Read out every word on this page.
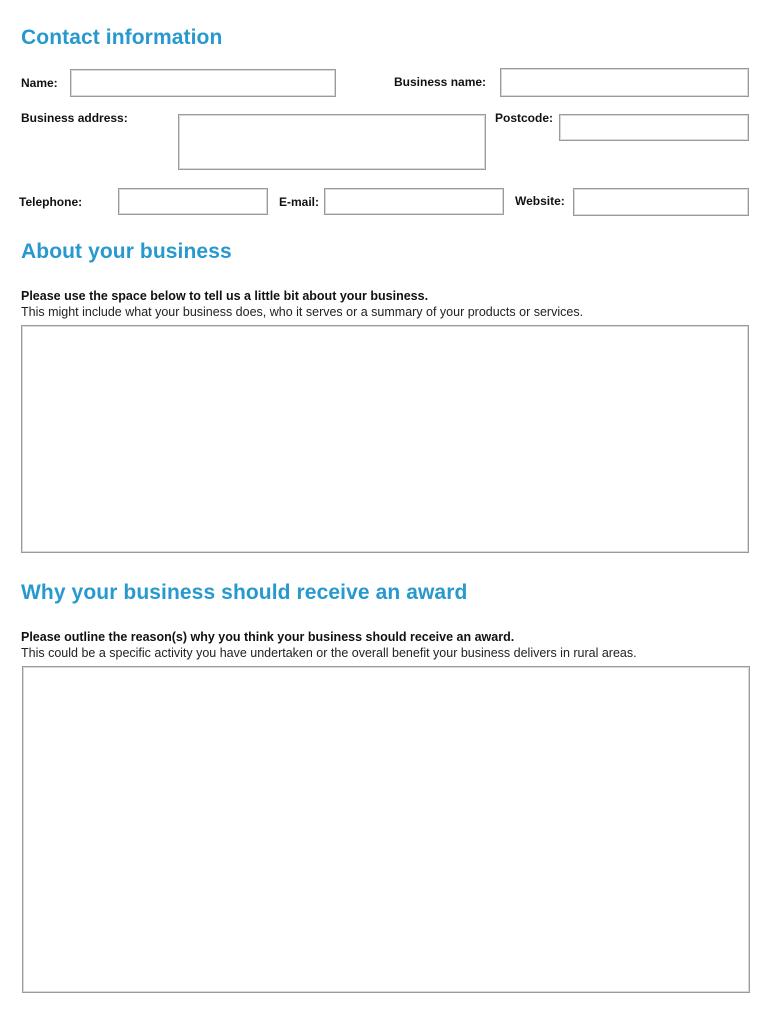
Contact information
Name:	Business name:
Business address:	Postcode:
Telephone:	E-mail:	Website:
About your business
Please use the space below to tell us a little bit about your business.
This might include what your business does, who it serves or a summary of your products or services.
Why your business should receive an award
Please outline the reason(s) why you think your business should receive an award.
This could be a specific activity you have undertaken or the overall benefit your business delivers in rural areas.
